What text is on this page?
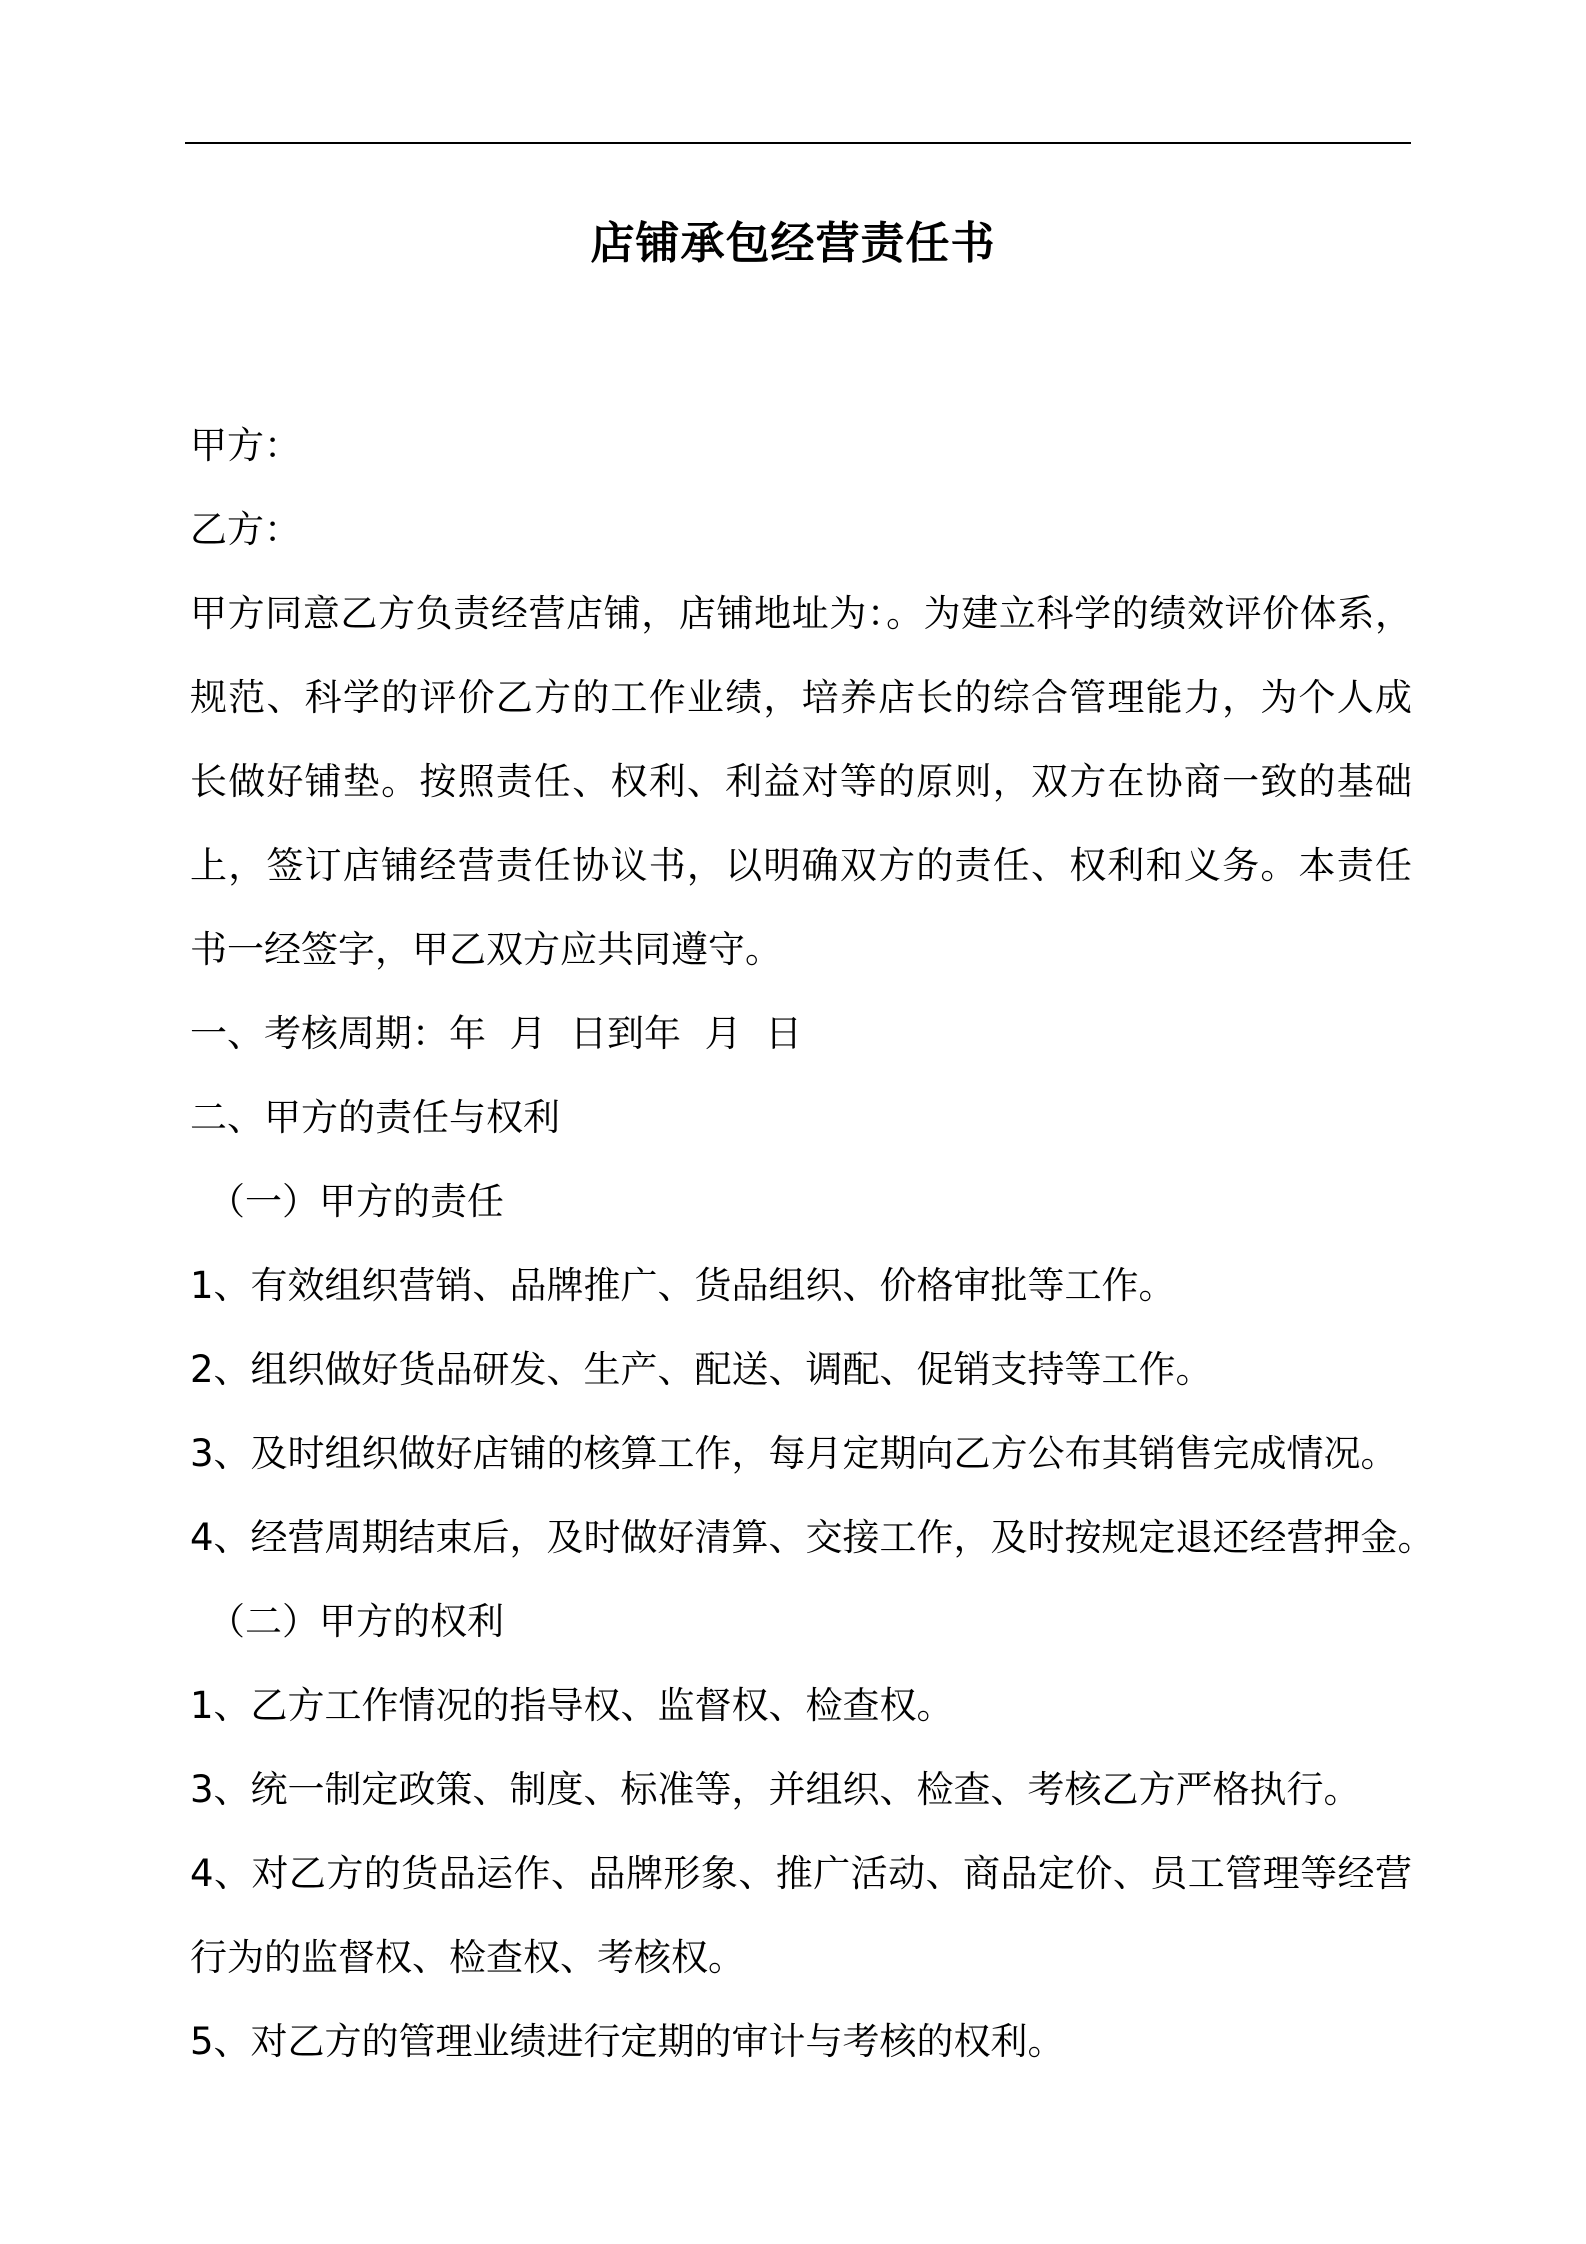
店铺承包经营责任书
甲方：
乙方：
甲方同意乙方负责经营店铺，店铺地址为：。为建立科学的绩效评价体系，
规范、科学的评价乙方的工作业绩，培养店长的综合管理能力，为个人成
长做好铺垫。按照责任、权利、利益对等的原则，双方在协商一致的基础
上，签订店铺经营责任协议书，以明确双方的责任、权利和义务。本责任
书一经签字，甲乙双方应共同遵守。
一、考核周期：年  月  日到年  月  日
二、甲方的责任与权利
（一）甲方的责任
1、有效组织营销、品牌推广、货品组织、价格审批等工作。
2、组织做好货品研发、生产、配送、调配、促销支持等工作。
3、及时组织做好店铺的核算工作，每月定期向乙方公布其销售完成情况。
4、经营周期结束后，及时做好清算、交接工作，及时按规定退还经营押金。
（二）甲方的权利
1、乙方工作情况的指导权、监督权、检查权。
3、统一制定政策、制度、标准等，并组织、检查、考核乙方严格执行。
4、对乙方的货品运作、品牌形象、推广活动、商品定价、员工管理等经营
行为的监督权、检查权、考核权。
5、对乙方的管理业绩进行定期的审计与考核的权利。
